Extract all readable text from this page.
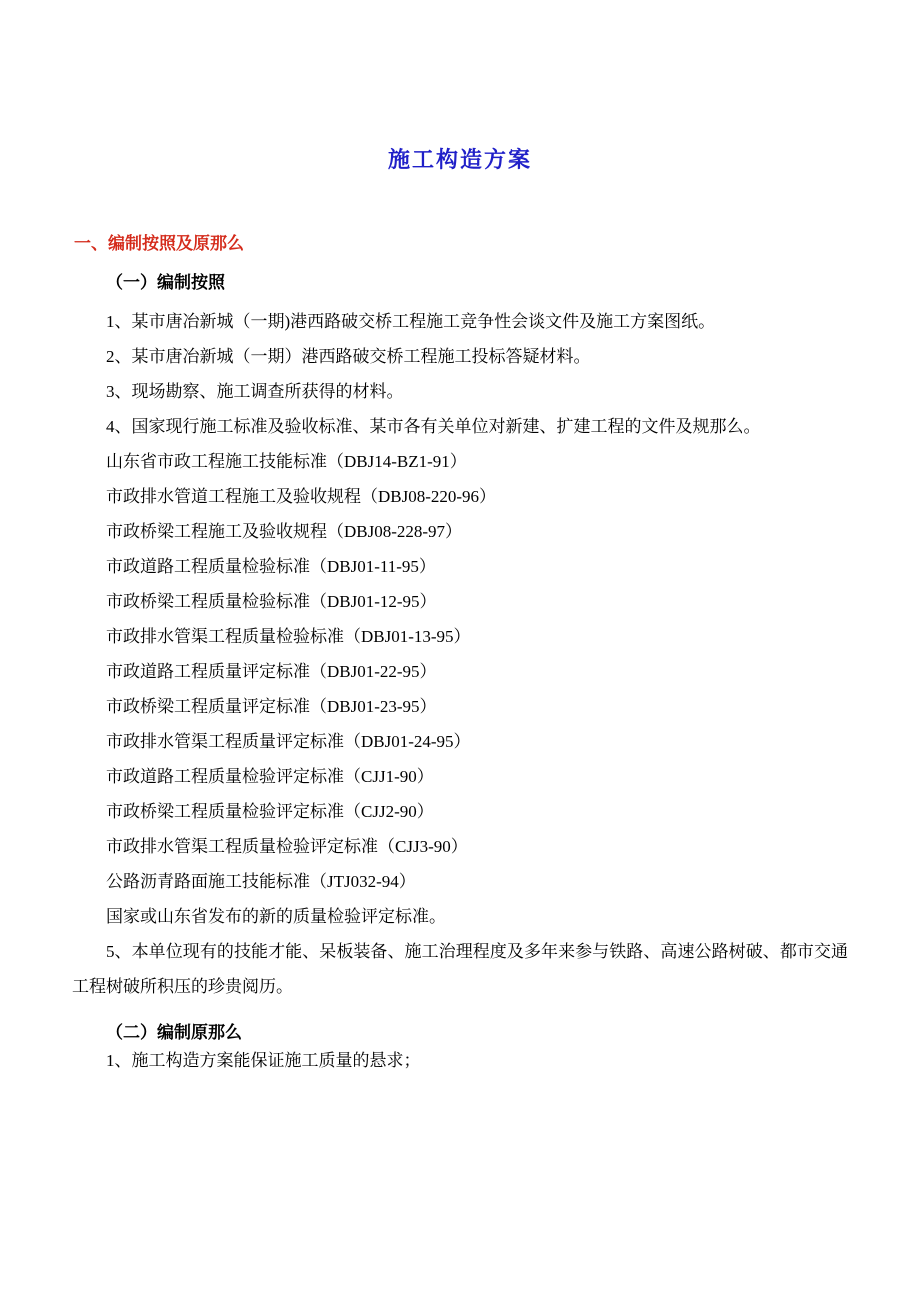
施工构造方案
一、编制按照及原那么
（一）编制按照

1、某市唐冶新城（一期)港西路破交桥工程施工竞争性会谈文件及施工方案图纸。

2、某市唐冶新城（一期）港西路破交桥工程施工投标答疑材料。

3、现场勘察、施工调查所获得的材料。

4、国家现行施工标准及验收标准、某市各有关单位对新建、扩建工程的文件及规那么。

山东省市政工程施工技能标准（DBJ14-BZ1-91）
市政排水管道工程施工及验收规程（DBJ08-220-96）
市政桥梁工程施工及验收规程（DBJ08-228-97）
市政道路工程质量检验标准（DBJ01-11-95）
市政桥梁工程质量检验标准（DBJ01-12-95）
市政排水管渠工程质量检验标准（DBJ01-13-95）
市政道路工程质量评定标准（DBJ01-22-95）
市政桥梁工程质量评定标准（DBJ01-23-95）
市政排水管渠工程质量评定标准（DBJ01-24-95）
市政道路工程质量检验评定标准（CJJ1-90）
市政桥梁工程质量检验评定标准（CJJ2-90）
市政排水管渠工程质量检验评定标准（CJJ3-90）
公路沥青路面施工技能标准（JTJ032-94）
国家或山东省发布的新的质量检验评定标准。

5、本单位现有的技能才能、呆板装备、施工治理程度及多年来参与铁路、高速公路树破、都市交通工程树破所积压的珍贵阅历。

（二）编制原那么

1、施工构造方案能保证施工质量的悬求；
